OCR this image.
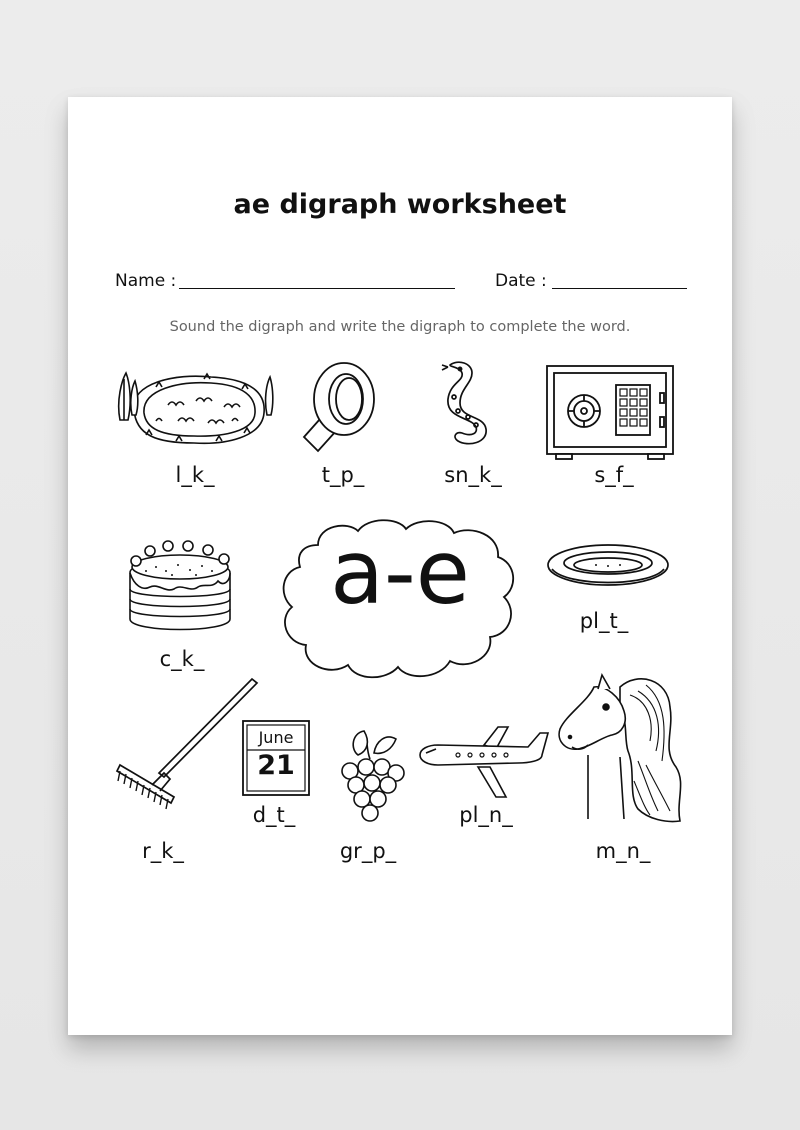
ae digraph worksheet
Name :	Date :
Sound the digraph and write the digraph to complete the word.
l_k_	t_p_	sn_k_	s_f_
c_k_
a-e	pl_t_
r_k_
June
21
d_t_
gr_p_
pl_n_
m_n_
